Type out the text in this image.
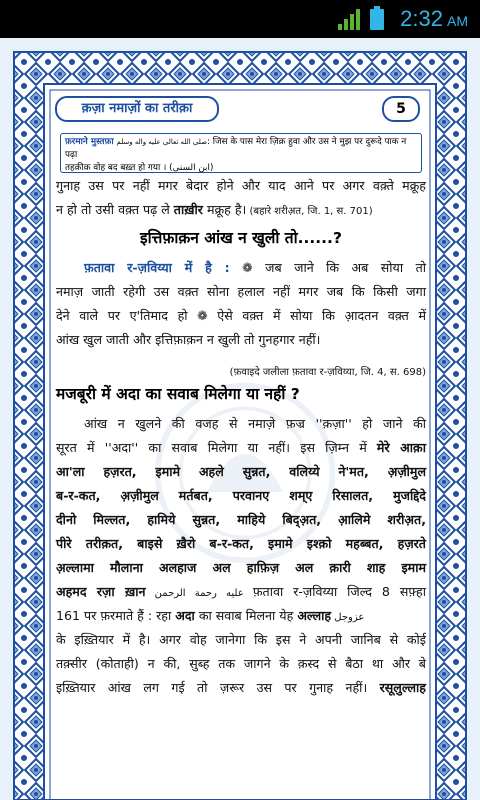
2:32 AM
क़ज़ा नमाज़ों का तरीक़ा	5
फ़रमाने मुस्तफ़ा صلى الله تعالى عليه واله وسلم: जिस के पास मेरा ज़िक्र हुवा और उस ने मुझ पर दुरूदे पाक न पढ़ा
तहक़ीक़ वोह बद बख़्त हो गया । (ابن السنی)
गुनाह उस पर नहीं मगर बेदार होने और याद आने पर अगर वक़्ते मक्रूह
न हो तो उसी वक़्त पढ़ ले ताख़ीर मक्रूह है। (बहारे शरीअ़त, जि. 1, स. 701)
इत्तिफ़ाक़न आंख न खुली तो......?
फ़तावा र-ज़विय्या में है : ❁ जब जाने कि अब सोया तो
नमाज़ जाती रहेगी उस वक़्त सोना हलाल नहीं मगर जब कि किसी जगा
देने वाले पर ए'तिमाद हो ❁ ऐसे वक़्त में सोया कि आ़दतन वक़्त में
आंख खुल जाती और इत्तिफ़ाक़न न खुली तो गुनहगार नहीं।
(फ़वाइदे जलीला फ़तावा र-ज़विय्या, जि. 4, स. 698)
मजबूरी में अदा का सवाब मिलेगा या नहीं ?
आंख न खुलने की वजह से नमाज़े फ़ज्र ''क़ज़ा'' हो जाने की
सूरत में ''अदा'' का सवाब मिलेगा या नहीं। इस ज़िम्न में मेरे आक़ा
आ'ला हज़रत, इमामे अहले सुन्नत, वलिय्ये ने'मत, अ़ज़ीमुल
ब-र-कत, अ़ज़ीमुल मर्तबत, परवानए शम्ए रिसालत, मुजद्दिदे
दीनो मिल्लत, हामिये सुन्नत, माहिये बिद्अ़त, आ़लिमे शरीअ़त,
पीरे तरीक़त, बाइसे ख़ैरो ब-र-कत, इमामे इश्क़ो महब्बत, हज़रते
अ़ल्लामा मौलाना अलहाज अल हाफ़िज़ अल क़ारी शाह इमाम
अहमद रज़ा ख़ान عليه رحمة الرحمن फ़तावा र-ज़विय्या जिल्द 8 सफ़्हा
161 पर फ़रमाते हैं : रहा अदा का सवाब मिलना येह अल्लाह عزوجل
के इख़्तियार में है। अगर वोह जानेगा कि इस ने अपनी जानिब से कोई
तक़्सीर (कोताही) न की, सुब्ह तक जागने के क़स्द से बैठा था और बे
इख़्तियार आंख लग गई तो ज़रूर उस पर गुनाह नहीं। रसूलुल्लाह
